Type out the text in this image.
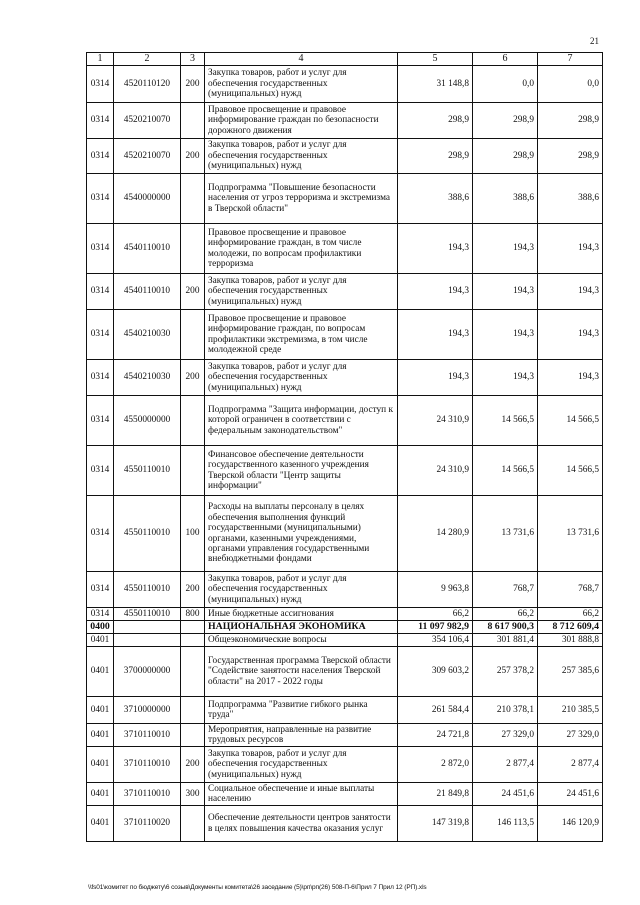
21
1	2	3	4	5	6	7
0314	4520110120	200	Закупка товаров, работ и услуг для обеспечения государственных (муниципальных) нужд	31 148,8	0,0	0,0
0314	4520210070		Правовое просвещение и правовое информирование граждан по безопасности дорожного движения	298,9	298,9	298,9
0314	4520210070	200	Закупка товаров, работ и услуг для обеспечения государственных (муниципальных) нужд	298,9	298,9	298,9
0314	4540000000		Подпрограмма "Повышение безопасности населения от угроз терроризма и экстремизма в Тверской области"	388,6	388,6	388,6
0314	4540110010		Правовое просвещение и правовое информирование граждан, в том числе молодежи, по вопросам профилактики терроризма	194,3	194,3	194,3
0314	4540110010	200	Закупка товаров, работ и услуг для обеспечения государственных (муниципальных) нужд	194,3	194,3	194,3
0314	4540210030		Правовое просвещение и правовое информирование граждан, по вопросам профилактики экстремизма, в том числе молодежной среде	194,3	194,3	194,3
0314	4540210030	200	Закупка товаров, работ и услуг для обеспечения государственных (муниципальных) нужд	194,3	194,3	194,3
0314	4550000000		Подпрограмма "Защита информации, доступ к которой ограничен в соответствии с федеральным законодательством"	24 310,9	14 566,5	14 566,5
0314	4550110010		Финансовое обеспечение деятельности государственного казенного учреждения Тверской области "Центр защиты информации"	24 310,9	14 566,5	14 566,5
0314	4550110010	100	Расходы на выплаты персоналу в целях обеспечения выполнения функций государственными (муниципальными) органами, казенными учреждениями, органами управления государственными внебюджетными фондами	14 280,9	13 731,6	13 731,6
0314	4550110010	200	Закупка товаров, работ и услуг для обеспечения государственных (муниципальных) нужд	9 963,8	768,7	768,7
0314	4550110010	800	Иные бюджетные ассигнования	66,2	66,2	66,2
0400			НАЦИОНАЛЬНАЯ ЭКОНОМИКА	11 097 982,9	8 617 900,3	8 712 609,4
0401			Общеэкономические вопросы	354 106,4	301 881,4	301 888,8
0401	3700000000		Государственная программа Тверской области "Содействие занятости населения Тверской области" на 2017 - 2022 годы	309 603,2	257 378,2	257 385,6
0401	3710000000		Подпрограмма "Развитие гибкого рынка труда"	261 584,4	210 378,1	210 385,5
0401	3710110010		Мероприятия, направленные на развитие трудовых ресурсов	24 721,8	27 329,0	27 329,0
0401	3710110010	200	Закупка товаров, работ и услуг для обеспечения государственных (муниципальных) нужд	2 872,0	2 877,4	2 877,4
0401	3710110010	300	Социальное обеспечение и иные выплаты населению	21 849,8	24 451,6	24 451,6
0401	3710110020		Обеспечение деятельности центров занятости в целях повышения качества оказания услуг	147 319,8	146 113,5	146 120,9
\\fs01\комитет по бюджету\6 созыв\Документы комитета\26 заседание (5)\рп\рп(26) 508-П-6\Прил 7 Прил 12 (РП).xls
